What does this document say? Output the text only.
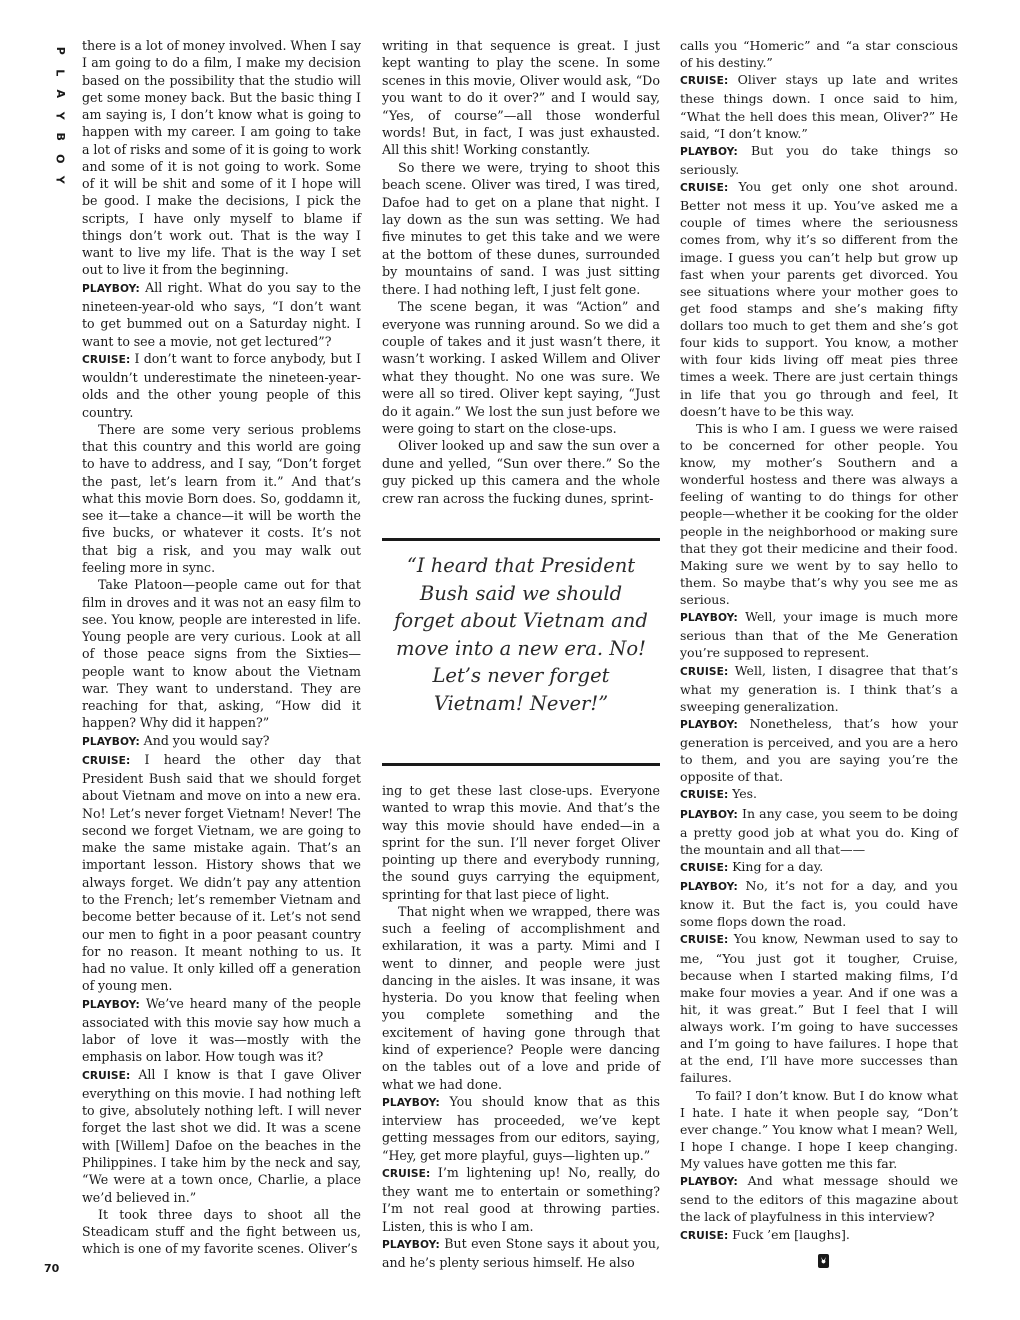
P
L
A
Y
B
O
Y

there is a lot of money involved. When I say I am going to do a film, I make my decision based on the possibility that the studio will get some money back. But the basic thing I am saying is, I don’t know what is going to happen with my career. I am going to take a lot of risks and some of it is going to work and some of it is not going to work. Some of it will be shit and some of it I hope will be good. I make the decisions, I pick the scripts, I have only myself to blame if things don’t work out. That is the way I want to live my life. That is the way I set out to live it from the beginning.

PLAYBOY: All right. What do you say to the nineteen-year-old who says, “I don’t want to get bummed out on a Saturday night. I want to see a movie, not get lectured”?

CRUISE: I don’t want to force anybody, but I wouldn’t underestimate the nineteen-year-olds and the other young people of this country.

There are some very serious problems that this country and this world are going to have to address, and I say, “Don’t forget the past, let’s learn from it.” And that’s what this movie Born does. So, goddamn it, see it—take a chance—it will be worth the five bucks, or whatever it costs. It’s not that big a risk, and you may walk out feeling more in sync.

Take Platoon—people came out for that film in droves and it was not an easy film to see. You know, people are interested in life. Young people are very curious. Look at all of those peace signs from the Sixties—people want to know about the Vietnam war. They want to understand. They are reaching for that, asking, “How did it happen? Why did it happen?”

PLAYBOY: And you would say?

CRUISE: I heard the other day that President Bush said that we should forget about Vietnam and move on into a new era. No! Let’s never forget Vietnam! Never! The second we forget Vietnam, we are going to make the same mistake again. That’s an important lesson. History shows that we always forget. We didn’t pay any attention to the French; let’s remember Vietnam and become better because of it. Let’s not send our men to fight in a poor peasant country for no reason. It meant nothing to us. It had no value. It only killed off a generation of young men.

PLAYBOY: We’ve heard many of the people associated with this movie say how much a labor of love it was—mostly with the emphasis on labor. How tough was it?

CRUISE: All I know is that I gave Oliver everything on this movie. I had nothing left to give, absolutely nothing left. I will never forget the last shot we did. It was a scene with [Willem] Dafoe on the beaches in the Philippines. I take him by the neck and say, “We were at a town once, Charlie, a place we’d believed in.”

It took three days to shoot all the Steadicam stuff and the fight between us, which is one of my favorite scenes. Oliver’s

writing in that sequence is great. I just kept wanting to play the scene. In some scenes in this movie, Oliver would ask, “Do you want to do it over?” and I would say, “Yes, of course”—all those wonderful words! But, in fact, I was just exhausted. All this shit! Working constantly.

So there we were, trying to shoot this beach scene. Oliver was tired, I was tired, Dafoe had to get on a plane that night. I lay down as the sun was setting. We had five minutes to get this take and we were at the bottom of these dunes, surrounded by mountains of sand. I was just sitting there. I had nothing left, I just felt gone.

The scene began, it was “Action” and everyone was running around. So we did a couple of takes and it just wasn’t there, it wasn’t working. I asked Willem and Oliver what they thought. No one was sure. We were all so tired. Oliver kept saying, “Just do it again.” We lost the sun just before we were going to start on the close-ups.

Oliver looked up and saw the sun over a dune and yelled, “Sun over there.” So the guy picked up this camera and the whole crew ran across the fucking dunes, sprint-

“I heard that President Bush said we should forget about Vietnam and move into a new era. No! Let’s never forget Vietnam! Never!”

ing to get these last close-ups. Everyone wanted to wrap this movie. And that’s the way this movie should have ended—in a sprint for the sun. I’ll never forget Oliver pointing up there and everybody running, the sound guys carrying the equipment, sprinting for that last piece of light.

That night when we wrapped, there was such a feeling of accomplishment and exhilaration, it was a party. Mimi and I went to dinner, and people were just dancing in the aisles. It was insane, it was hysteria. Do you know that feeling when you complete something and the excitement of having gone through that kind of experience? People were dancing on the tables out of a love and pride of what we had done.

PLAYBOY: You should know that as this interview has proceeded, we’ve kept getting messages from our editors, saying, “Hey, get more playful, guys—lighten up.”

CRUISE: I’m lightening up! No, really, do they want me to entertain or something? I’m not real good at throwing parties. Listen, this is who I am.

PLAYBOY: But even Stone says it about you, and he’s plenty serious himself. He also

calls you “Homeric” and “a star conscious of his destiny.”

CRUISE: Oliver stays up late and writes these things down. I once said to him, “What the hell does this mean, Oliver?” He said, “I don’t know.”

PLAYBOY: But you do take things so seriously.

CRUISE: You get only one shot around. Better not mess it up. You’ve asked me a couple of times where the seriousness comes from, why it’s so different from the image. I guess you can’t help but grow up fast when your parents get divorced. You see situations where your mother goes to get food stamps and she’s making fifty dollars too much to get them and she’s got four kids to support. You know, a mother with four kids living off meat pies three times a week. There are just certain things in life that you go through and feel, It doesn’t have to be this way.

This is who I am. I guess we were raised to be concerned for other people. You know, my mother’s Southern and a wonderful hostess and there was always a feeling of wanting to do things for other people—whether it be cooking for the older people in the neighborhood or making sure that they got their medicine and their food. Making sure we went by to say hello to them. So maybe that’s why you see me as serious.

PLAYBOY: Well, your image is much more serious than that of the Me Generation you’re supposed to represent.

CRUISE: Well, listen, I disagree that that’s what my generation is. I think that’s a sweeping generalization.

PLAYBOY: Nonetheless, that’s how your generation is perceived, and you are a hero to them, and you are saying you’re the opposite of that.

CRUISE: Yes.

PLAYBOY: In any case, you seem to be doing a pretty good job at what you do. King of the mountain and all that——

CRUISE: King for a day.

PLAYBOY: No, it’s not for a day, and you know it. But the fact is, you could have some flops down the road.

CRUISE: You know, Newman used to say to me, “You just got it tougher, Cruise, because when I started making films, I’d make four movies a year. And if one was a hit, it was great.” But I feel that I will always work. I’m going to have successes and I’m going to have failures. I hope that at the end, I’ll have more successes than failures.

To fail? I don’t know. But I do know what I hate. I hate it when people say, “Don’t ever change.” You know what I mean? Well, I hope I change. I hope I keep changing. My values have gotten me this far.

PLAYBOY: And what message should we send to the editors of this magazine about the lack of playfulness in this interview?

CRUISE: Fuck ’em [laughs].

70
